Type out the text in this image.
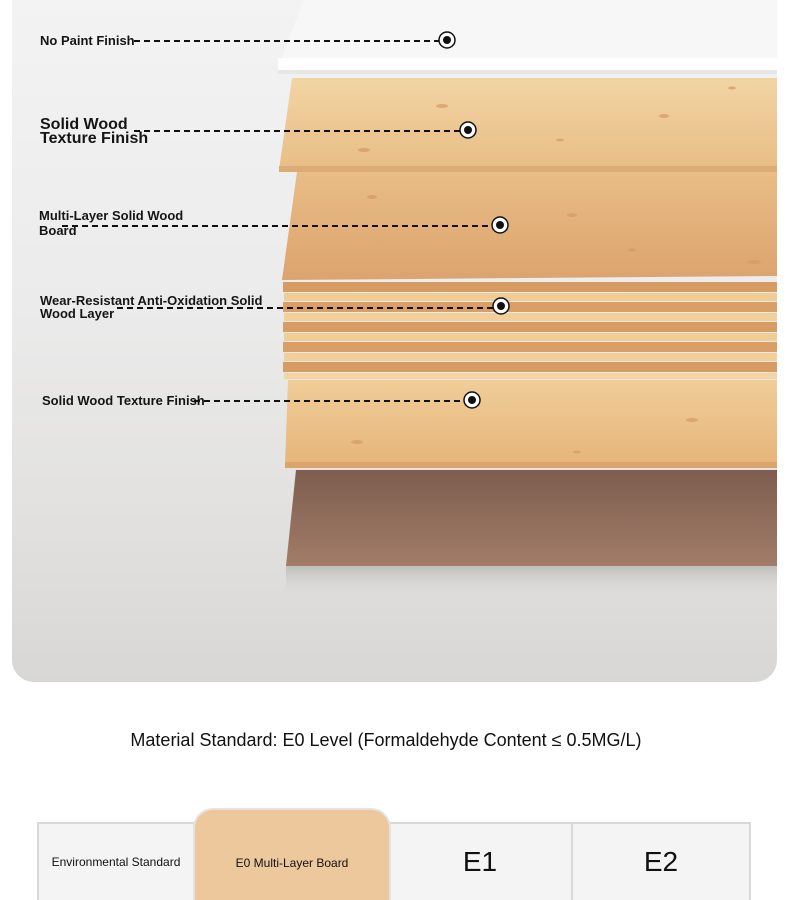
No Paint Finish
Solid Wood
Texture Finish
Multi-Layer Solid Wood
Board
Wear-Resistant Anti-Oxidation Solid
Wood Layer
Solid Wood Texture Finish
Material Standard: E0 Level (Formaldehyde Content ≤ 0.5MG/L)
Environmental Standard	E1	E2
E0 Multi-Layer Board
